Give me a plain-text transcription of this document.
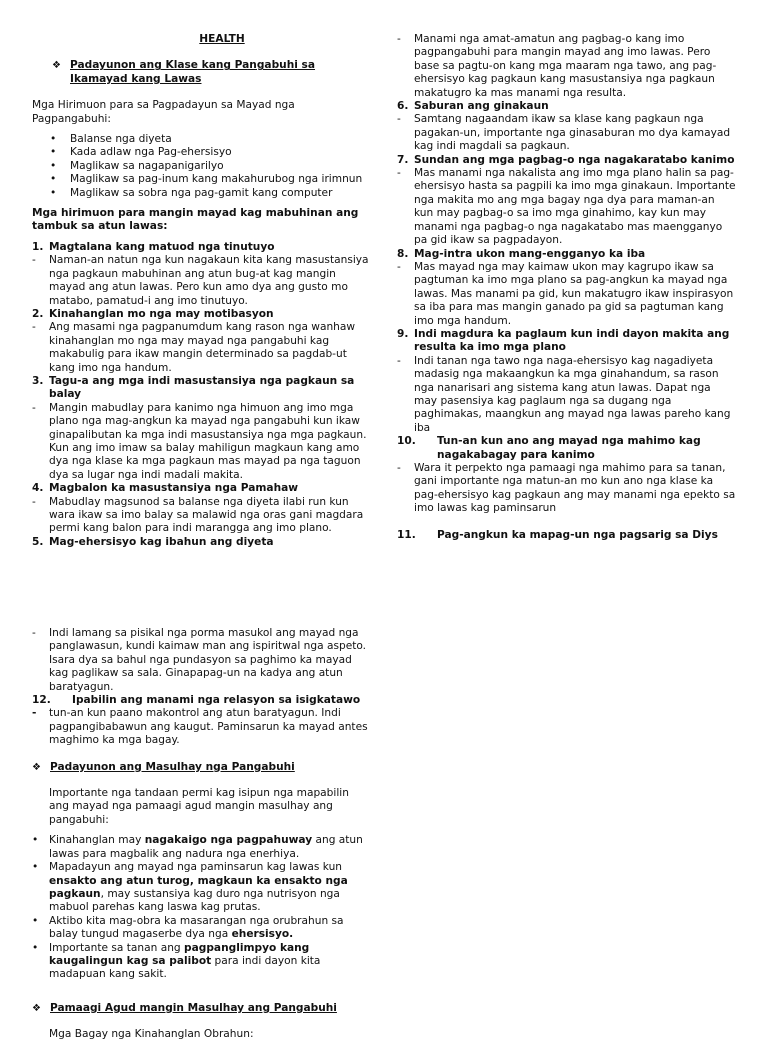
HEALTH
❖ Padayunon ang Klase kang Pangabuhi sa Ikamayad kang Lawas
Mga Hirimuon para sa Pagpadayun sa Mayad nga Pagpangabuhi:
• Balanse nga diyeta
• Kada adlaw nga Pag-ehersisyo
• Maglikaw sa nagapanigarilyo
• Maglikaw sa pag-inum kang makahurubog nga irimnun
• Maglikaw sa sobra nga pag-gamit kang computer
Mga hirimuon para mangin mayad kag mabuhinan ang tambuk sa atun lawas:
1. Magtalana kang matuod nga tinutuyo
-	Naman-an natun nga kun nagakaun kita kang masustansiya nga pagkaun mabuhinan ang atun bug-at kag mangin mayad ang atun lawas. Pero kun amo dya ang gusto mo matabo, pamatud-i ang imo tinutuyo.
2. Kinahanglan mo nga may motibasyon
-	Ang masami nga pagpanumdum kang rason nga wanhaw kinahanglan mo nga may mayad nga pangabuhi kag makabulig para ikaw mangin determinado sa pagdab-ut kang imo nga handum.
3. Tagu-a ang mga indi masustansiya nga pagkaun sa balay
-	Mangin mabudlay para kanimo nga himuon ang imo mga plano nga mag-angkun ka mayad nga pangabuhi kun ikaw ginapalibutan ka mga indi masustansiya nga mga pagkaun. Kun ang imo imaw sa balay mahiligun magkaun kang amo dya nga klase ka mga pagkaun mas mayad pa nga taguon dya sa lugar nga indi madali makita.
4. Magbalon ka masustansiya nga Pamahaw
-	Mabudlay magsunod sa balanse nga diyeta ilabi run kun wara ikaw sa imo balay sa malawid nga oras gani magdara permi kang balon para indi marangga ang imo plano.
5. Mag-ehersisyo kag ibahun ang diyeta
-	Manami nga amat-amatun ang pagbag-o kang imo pagpangabuhi para mangin mayad ang imo lawas. Pero base sa pagtu-on kang mga maaram nga tawo, ang pag-ehersisyo kag pagkaun kang masustansiya nga pagkaun makatugro ka mas manami nga resulta.
6. Saburan ang ginakaun
-	Samtang nagaandam ikaw sa klase kang pagkaun nga pagakan-un, importante nga ginasaburan mo dya kamayad kag indi magdali sa pagkaun.
7. Sundan ang mga pagbag-o nga nagakaratabo kanimo
-	Mas manami nga nakalista ang imo mga plano halin sa pag-ehersisyo hasta sa pagpili ka imo mga ginakaun. Importante nga makita mo ang mga bagay nga dya para maman-an kun may pagbag-o sa imo mga ginahimo, kay kun may manami nga pagbag-o nga nagakatabo mas maengganyo pa gid ikaw sa pagpadayon.
8. Mag-intra ukon mang-engganyo ka iba
-	Mas mayad nga may kaimaw ukon may kagrupo ikaw sa pagtuman ka imo mga plano sa pag-angkun ka mayad nga lawas. Mas manami pa gid, kun makatugro ikaw inspirasyon sa iba para mas mangin ganado pa gid sa pagtuman kang imo mga handum.
9. Indi magdura ka paglaum kun indi dayon makita ang resulta ka imo mga plano
-	Indi tanan nga tawo nga naga-ehersisyo kag nagadiyeta madasig nga makaangkun ka mga ginahandum, sa rason nga nanarisari ang sistema kang atun lawas. Dapat nga may pasensiya kag paglaum nga sa dugang nga paghimakas, maangkun ang mayad nga lawas pareho kang iba
10.	Tun-an kun ano ang mayad nga mahimo kag nagakabagay para kanimo
-	Wara it perpekto nga pamaagi nga mahimo para sa tanan, gani importante nga matun-an mo kun ano nga klase ka pag-ehersisyo kag pagkaun ang may manami nga epekto sa imo lawas kag paminsarun
11.	Pag-angkun ka mapag-un nga pagsarig sa Diys
-	Indi lamang sa pisikal nga porma masukol ang mayad nga panglawasun, kundi kaimaw man ang ispiritwal nga aspeto. Isara dya sa bahul nga pundasyon sa paghimo ka mayad kag paglikaw sa sala. Ginapapag-un na kadya ang atun baratyagun.
12.	Ipabilin ang manami nga relasyon sa isigkatawo
-	tun-an kun paano makontrol ang atun baratyagun. Indi pagpangibabawun ang kaugut. Paminsarun ka mayad antes maghimo ka mga bagay.
❖ Padayunon ang Masulhay nga Pangabuhi
Importante nga tandaan permi kag isipun nga mapabilin ang mayad nga pamaagi agud mangin masulhay ang pangabuhi:
• Kinahanglan may nagakaigo nga pagpahuway ang atun lawas para magbalik ang nadura nga enerhiya.
• Mapadayun ang mayad nga paminsarun kag lawas kun ensakto ang atun turog, magkaun ka ensakto nga pagkaun, may sustansiya kag duro nga nutrisyon nga mabuol parehas kang laswa kag prutas.
• Aktibo kita mag-obra ka masarangan nga orubrahun sa balay tungud magaserbe dya nga ehersisyo.
• Importante sa tanan ang pagpanglimpyo kang kaugalingun kag sa palibot para indi dayon kita madapuan kang sakit.
❖ Pamaagi Agud mangin Masulhay ang Pangabuhi
Mga Bagay nga Kinahanglan Obrahun:
